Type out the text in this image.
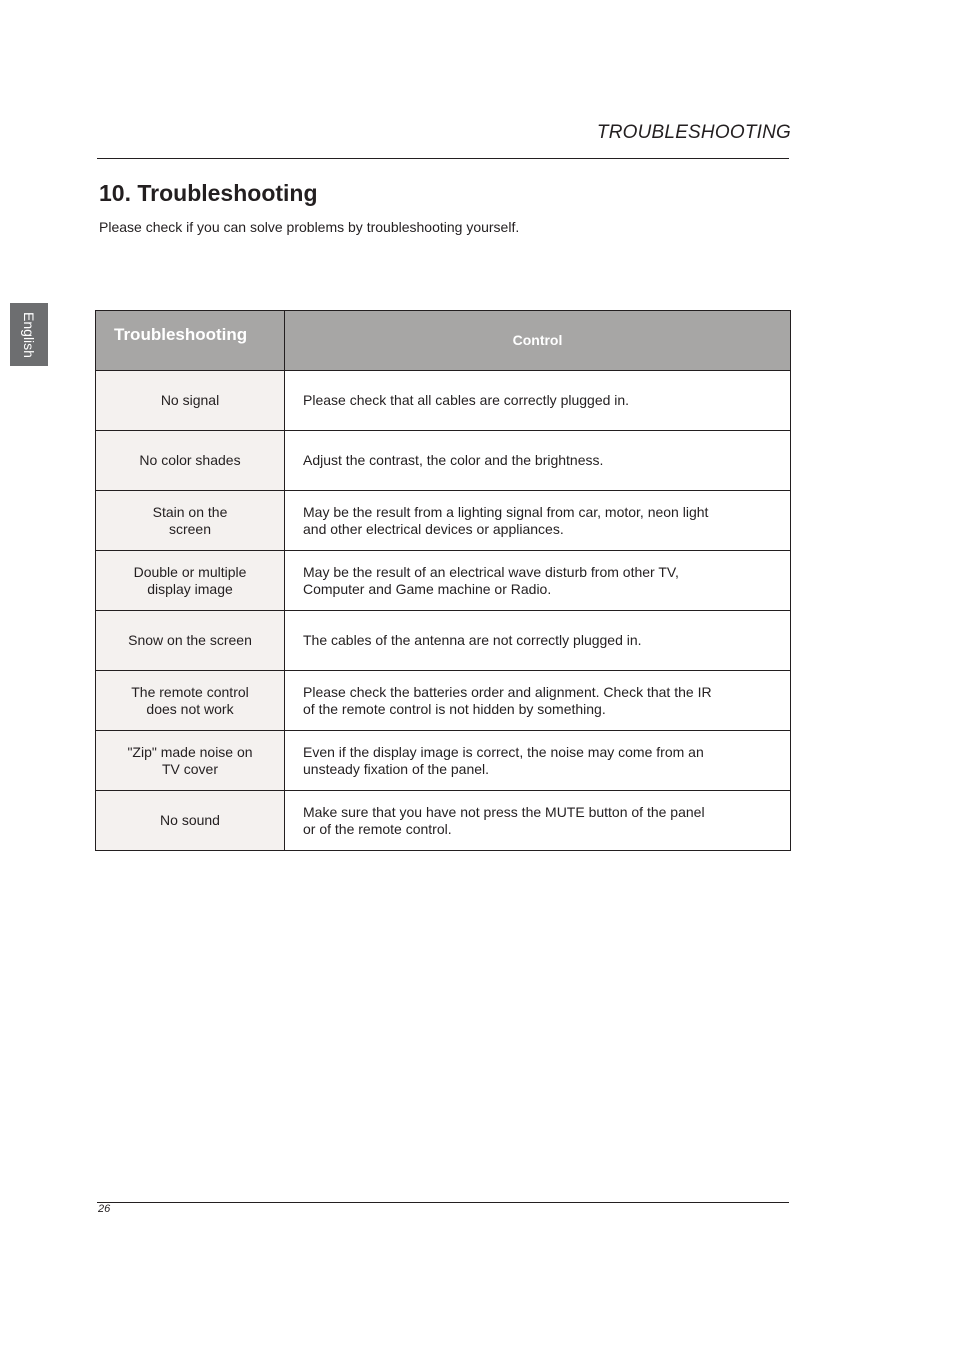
TROUBLESHOOTING
English
10. Troubleshooting

Please check if you can solve problems by troubleshooting yourself.

Troubleshooting	Control

No signal	Please check that all cables are correctly plugged in.

No color shades	Adjust the contrast, the color and the brightness.

Stain on the
screen	May be the result from a lighting signal from car, motor, neon light
and other electrical devices or appliances.

Double or multiple
display image	May be the result of an electrical wave disturb from other TV,
Computer and Game machine or Radio.

Snow on the screen	The cables of the antenna are not correctly plugged in.

The remote control
does not work	Please check the batteries order and alignment. Check that the IR
of the remote control is not hidden by something.

"Zip" made noise on
TV cover	Even if the display image is correct, the noise may come from an
unsteady fixation of the panel.

No sound	Make sure that you have not press the MUTE button of the panel
or of the remote control.
26
